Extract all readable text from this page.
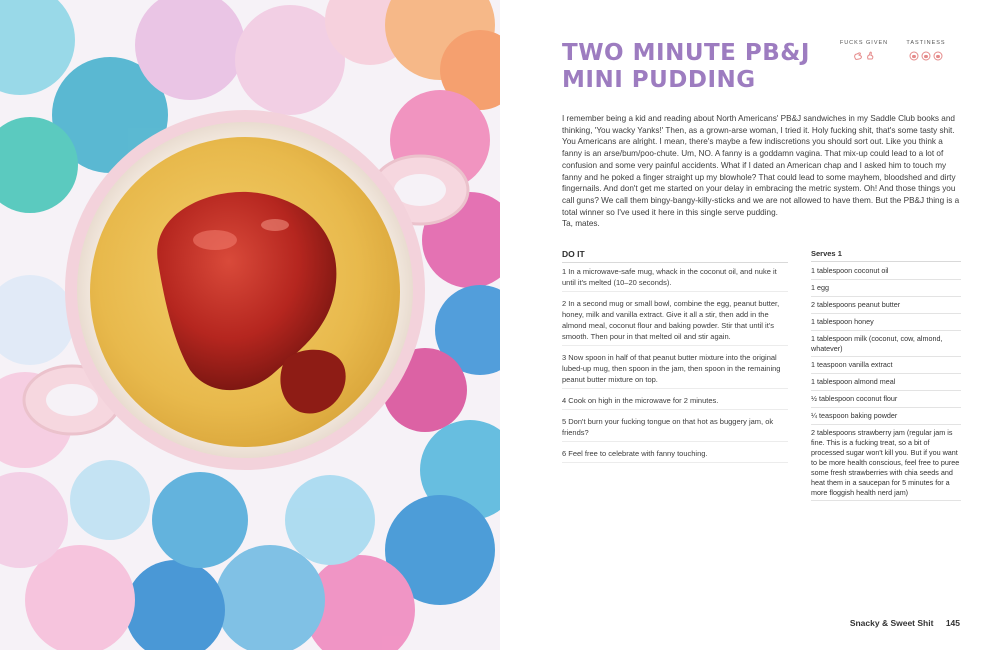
TWO MINUTE PB&J MINI PUDDING
FUCKS GIVEN	TASTINESS
I remember being a kid and reading about North Americans' PB&J sandwiches in my Saddle Club books and thinking, 'You wacky Yanks!' Then, as a grown-arse woman, I tried it. Holy fucking shit, that's some tasty shit. You Americans are alright. I mean, there's maybe a few indiscretions you should sort out. Like you think a fanny is an arse/bum/poo-chute. Um, NO. A fanny is a goddamn vagina. That mix-up could lead to a lot of confusion and some very painful accidents. What if I dated an American chap and I asked him to touch my fanny and he poked a finger straight up my blowhole? That could lead to some mayhem, bloodshed and dirty fingernails. And don't get me started on your delay in embracing the metric system. Oh! And those things you call guns? We call them bingy-bangy-killy-sticks and we are not allowed to have them. But the PB&J thing is a total winner so I've used it here in this single serve pudding.
Ta, mates.

DO IT

1 In a microwave-safe mug, whack in the coconut oil, and nuke it until it's melted (10–20 seconds).

2 In a second mug or small bowl, combine the egg, peanut butter, honey, milk and vanilla extract. Give it all a stir, then add in the almond meal, coconut flour and baking powder. Stir that until it's smooth. Then pour in that melted oil and stir again.

3 Now spoon in half of that peanut butter mixture into the original lubed-up mug, then spoon in the jam, then spoon in the remaining peanut butter mixture on top.

4 Cook on high in the microwave for 2 minutes.

5 Don't burn your fucking tongue on that hot as buggery jam, ok friends?

6 Feel free to celebrate with fanny touching.

Serves 1

1 tablespoon coconut oil
1 egg
2 tablespoons peanut butter
1 tablespoon honey
1 tablespoon milk (coconut, cow, almond, whatever)
1 teaspoon vanilla extract
1 tablespoon almond meal
½ tablespoon coconut flour
¼ teaspoon baking powder
2 tablespoons strawberry jam (regular jam is fine. This is a fucking treat, so a bit of processed sugar won't kill you. But if you want to be more health conscious, feel free to puree some fresh strawberries with chia seeds and heat them in a saucepan for 5 minutes for a more floggish health nerd jam)
Snacky & Sweet Shit 145
